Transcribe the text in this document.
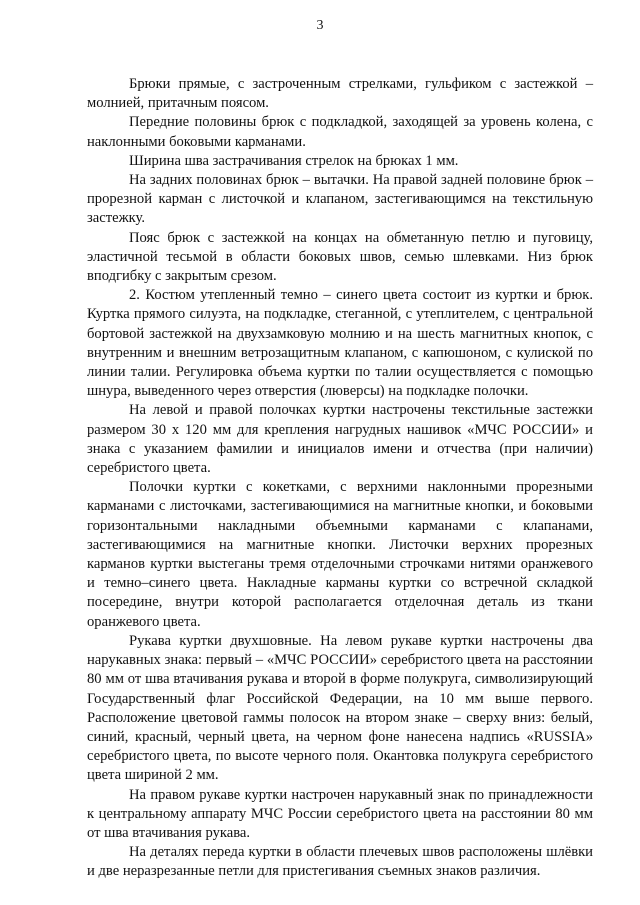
3

Брюки прямые, с застроченным стрелками, гульфиком с застежкой – молнией, притачным поясом.

Передние половины брюк с подкладкой, заходящей за уровень колена, с наклонными боковыми карманами.

Ширина шва застрачивания стрелок на брюках 1 мм.

На задних половинах брюк – вытачки. На правой задней половине брюк – прорезной карман с листочкой и клапаном, застегивающимся на текстильную застежку.

Пояс брюк с застежкой на концах на обметанную петлю и пуговицу, эластичной тесьмой в области боковых швов, семью шлевками. Низ брюк вподгибку с закрытым срезом.

2. Костюм утепленный темно – синего цвета состоит из куртки и брюк. Куртка прямого силуэта, на подкладке, стеганной, с утеплителем, с центральной бортовой застежкой на двухзамковую молнию и на шесть магнитных кнопок, с внутренним и внешним ветрозащитным клапаном, с капюшоном, с кулиской по линии талии. Регулировка объема куртки по талии осуществляется с помощью шнура, выведенного через отверстия (люверсы) на подкладке полочки.

На левой и правой полочках куртки настрочены текстильные застежки размером 30 х 120 мм для крепления нагрудных нашивок «МЧС РОССИИ» и знака с указанием фамилии и инициалов имени и отчества (при наличии) серебристого цвета.

Полочки куртки с кокетками, с верхними наклонными прорезными карманами с листочками, застегивающимися на магнитные кнопки, и боковыми горизонтальными накладными объемными карманами с клапанами, застегивающимися на магнитные кнопки. Листочки верхних прорезных карманов куртки выстеганы тремя отделочными строчками нитями оранжевого и темно–синего цвета. Накладные карманы куртки со встречной складкой посередине, внутри которой располагается отделочная деталь из ткани оранжевого цвета.

Рукава куртки двухшовные. На левом рукаве куртки настрочены два нарукавных знака: первый – «МЧС РОССИИ» серебристого цвета на расстоянии 80 мм от шва втачивания рукава и второй в форме полукруга, символизирующий Государственный флаг Российской Федерации, на 10 мм выше первого. Расположение цветовой гаммы полосок на втором знаке – сверху вниз: белый, синий, красный, черный цвета, на черном фоне нанесена надпись «RUSSIA» серебристого цвета, по высоте черного поля. Окантовка полукруга серебристого цвета шириной 2 мм.

На правом рукаве куртки настрочен нарукавный знак по принадлежности к центральному аппарату МЧС России серебристого цвета на расстоянии 80 мм от шва втачивания рукава.

На деталях переда куртки в области плечевых швов расположены шлёвки и две неразрезанные петли для пристегивания съемных знаков различия.
